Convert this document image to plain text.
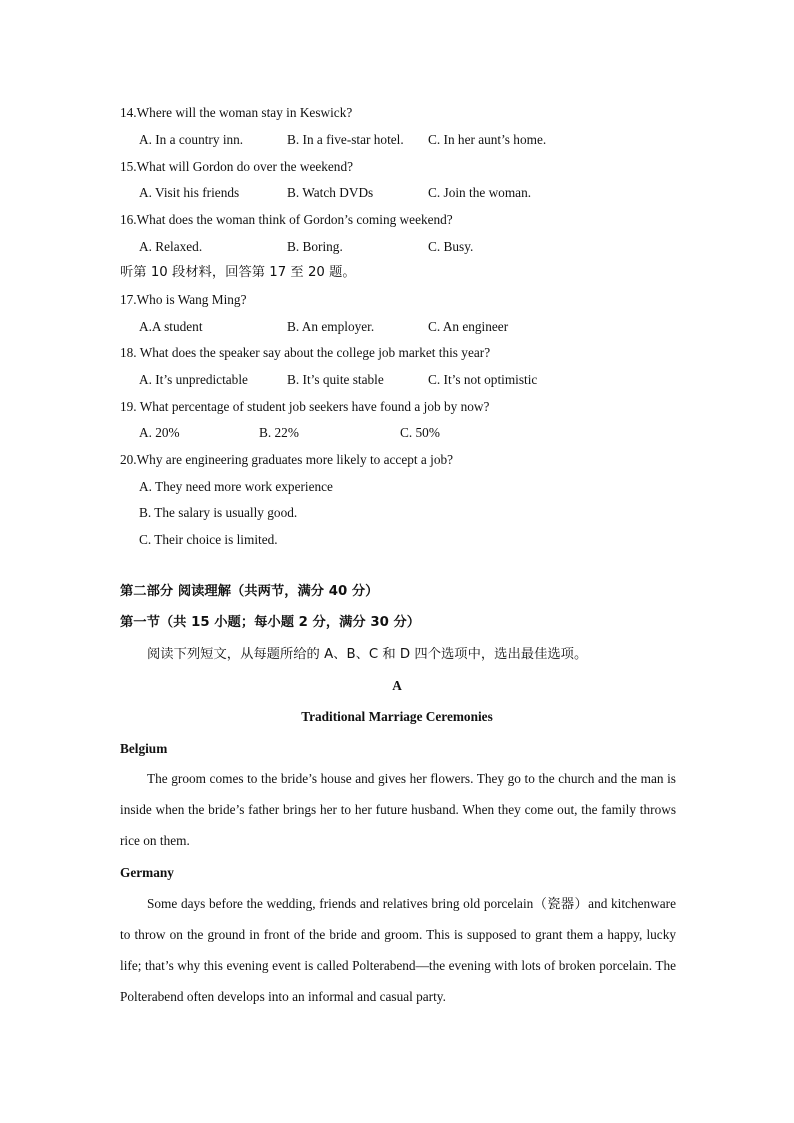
14.Where will the woman stay in Keswick?
A. In a country inn.	B. In a five-star hotel. C. In her aunt’s home.
15.What will Gordon do over the weekend?
A. Visit his friends	B. Watch DVDs	C. Join the woman.
16.What does the woman think of Gordon’s coming weekend?
A. Relaxed.	B. Boring.	C. Busy.
听第 10 段材料，回答第 17 至 20 题。
17.Who is Wang Ming?
A.A student	B. An employer.	C. An engineer
18. What does the speaker say about the college job market this year?
A. It’s unpredictable	B. It’s quite stable	C. It’s not optimistic
19. What percentage of student job seekers have found a job by now?
A. 20%	B. 22%	C. 50%
20.Why are engineering graduates more likely to accept a job?
A. They need more work experience
B. The salary is usually good.
C. Their choice is limited.
第二部分 阅读理解（共两节，满分 40 分）
第一节（共 15 小题；每小题 2 分，满分 30 分）
阅读下列短文，从每题所给的 A、B、C 和 D 四个选项中，选出最佳选项。
A
Traditional Marriage Ceremonies
Belgium

The groom comes to the bride’s house and gives her flowers. They go to the church and the man is inside when the bride’s father brings her to her future husband. When they come out, the family throws rice on them.

Germany

Some days before the wedding, friends and relatives bring old porcelain（瓷器）and kitchenware to throw on the ground in front of the bride and groom. This is supposed to grant them a happy, lucky life; that’s why this evening event is called Polterabend—the evening with lots of broken porcelain. The Polterabend often develops into an informal and casual party.
